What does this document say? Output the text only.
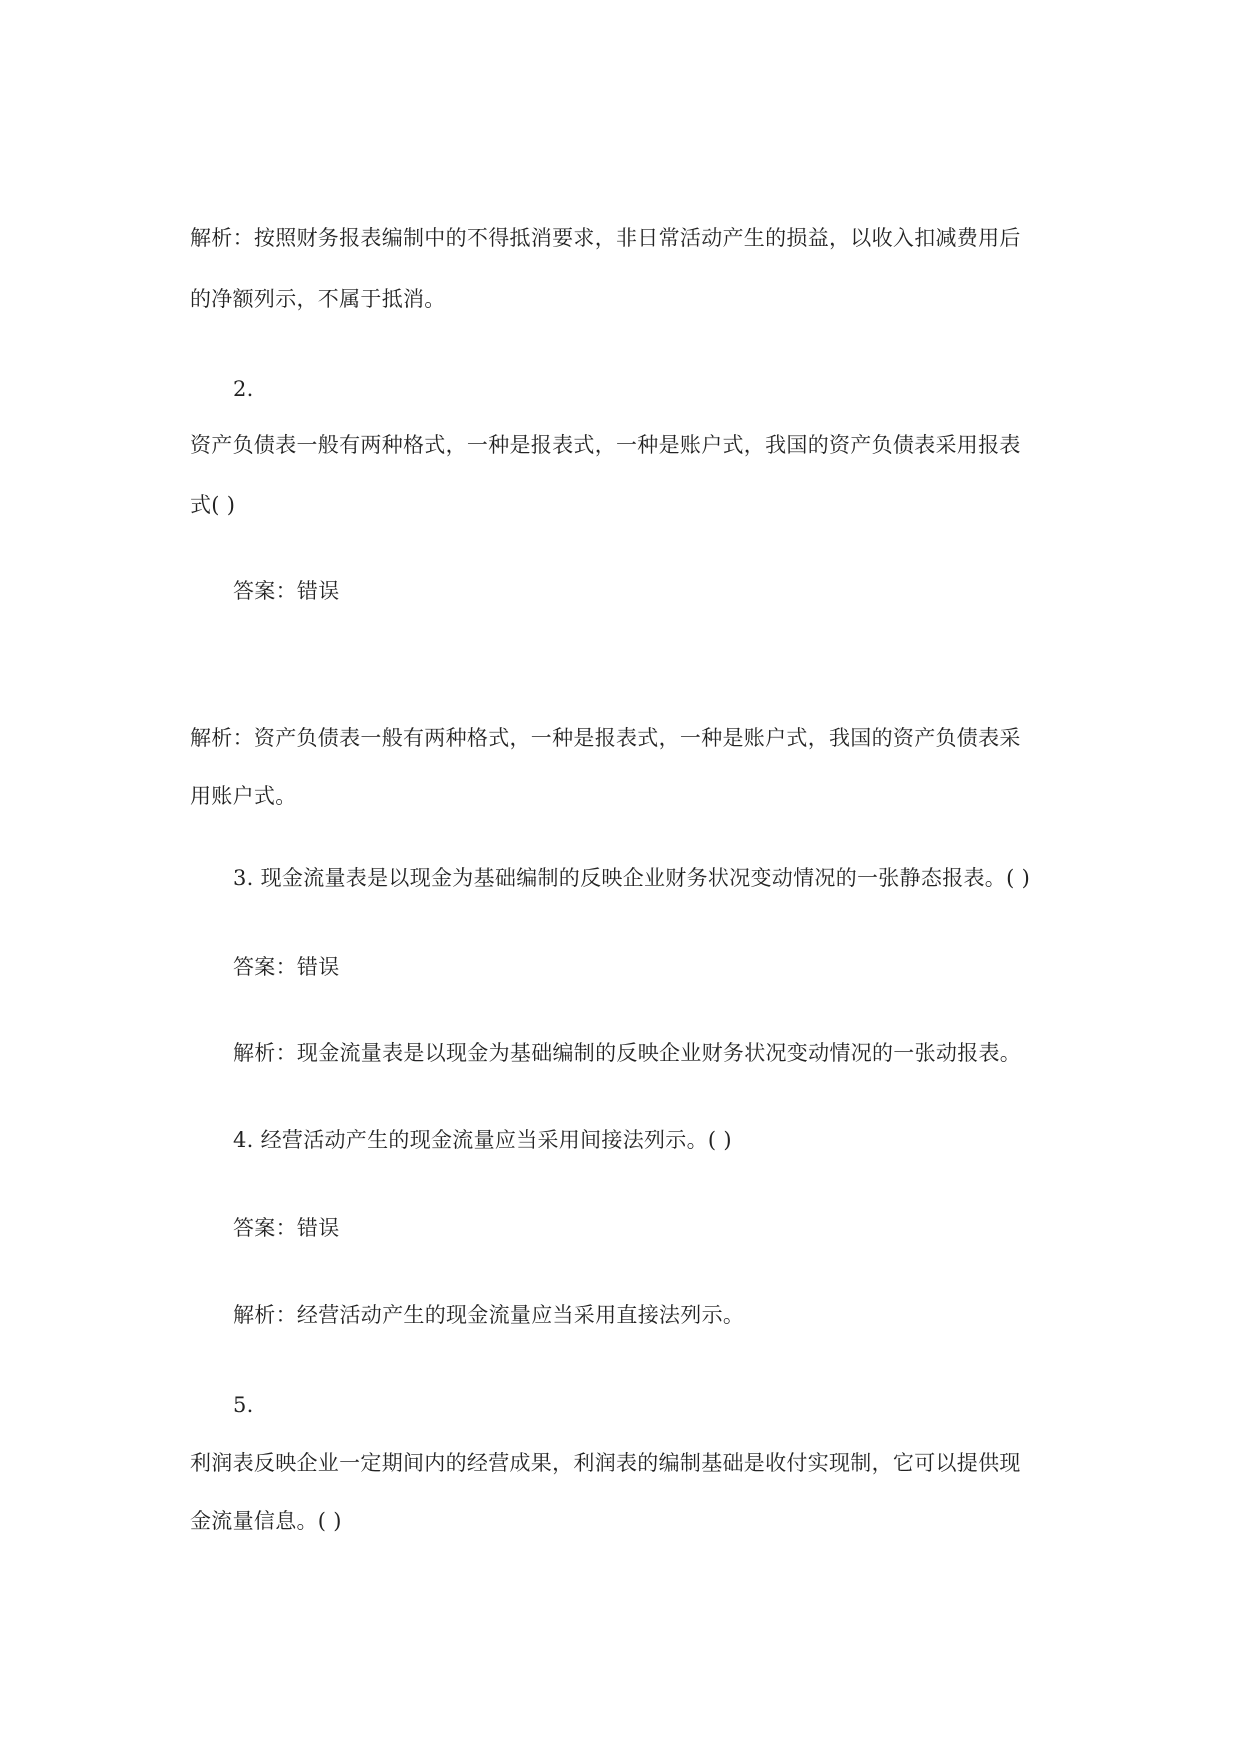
解析：按照财务报表编制中的不得抵消要求，非日常活动产生的损益，以收入扣减费用后
的净额列示，不属于抵消。
2.
资产负债表一般有两种格式，一种是报表式，一种是账户式，我国的资产负债表采用报表
式( )
答案：错误
解析：资产负债表一般有两种格式，一种是报表式，一种是账户式，我国的资产负债表采
用账户式。
3. 现金流量表是以现金为基础编制的反映企业财务状况变动情况的一张静态报表。( )
答案：错误
解析：现金流量表是以现金为基础编制的反映企业财务状况变动情况的一张动报表。
4. 经营活动产生的现金流量应当采用间接法列示。( )
答案：错误
解析：经营活动产生的现金流量应当采用直接法列示。
5.
利润表反映企业一定期间内的经营成果，利润表的编制基础是收付实现制，它可以提供现
金流量信息。( )
